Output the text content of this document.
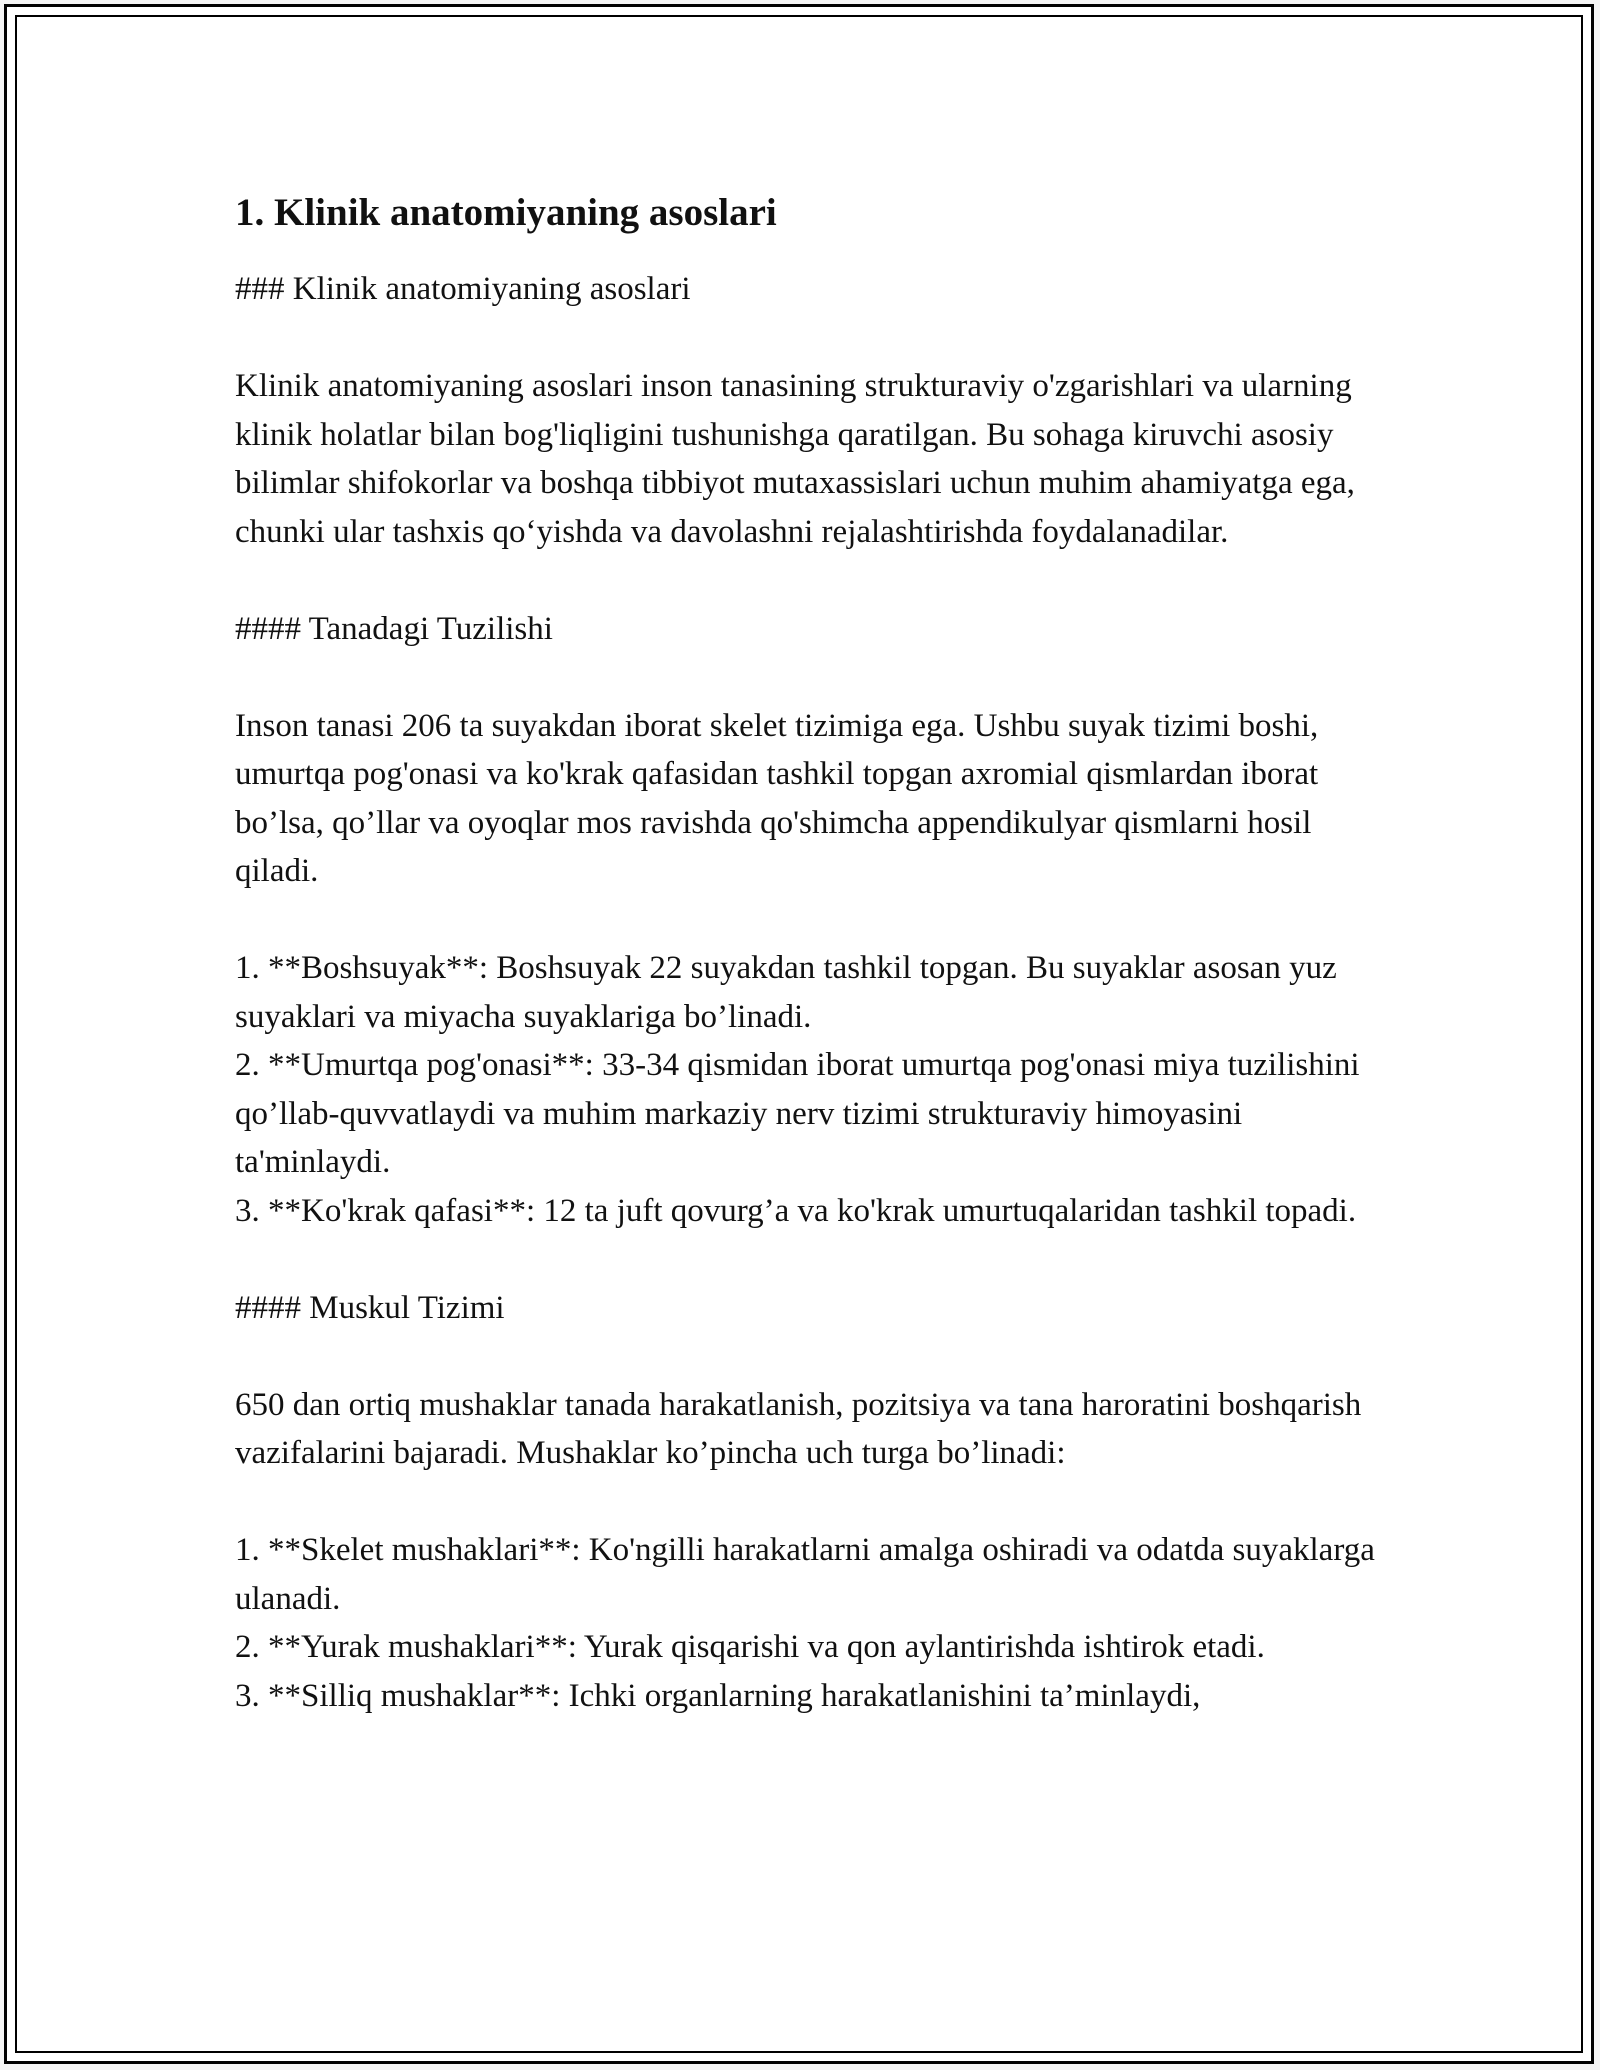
1. Klinik anatomiyaning asoslari

### Klinik anatomiyaning asoslari

Klinik anatomiyaning asoslari inson tanasining strukturaviy o'zgarishlari va ularning klinik holatlar bilan bog'liqligini tushunishga qaratilgan. Bu sohaga kiruvchi asosiy bilimlar shifokorlar va boshqa tibbiyot mutaxassislari uchun muhim ahamiyatga ega, chunki ular tashxis qo‘yishda va davolashni rejalashtirishda foydalanadilar.

#### Tanadagi Tuzilishi

Inson tanasi 206 ta suyakdan iborat skelet tizimiga ega. Ushbu suyak tizimi boshi, umurtqa pog'onasi va ko'krak qafasidan tashkil topgan axromial qismlardan iborat bo’lsa, qo’llar va oyoqlar mos ravishda qo'shimcha appendikulyar qismlarni hosil qiladi.

1. **Boshsuyak**: Boshsuyak 22 suyakdan tashkil topgan. Bu suyaklar asosan yuz suyaklari va miyacha suyaklariga bo’linadi.

2. **Umurtqa pog'onasi**: 33-34 qismidan iborat umurtqa pog'onasi miya tuzilishini qo’llab-quvvatlaydi va muhim markaziy nerv tizimi strukturaviy himoyasini ta'minlaydi.

3. **Ko'krak qafasi**: 12 ta juft qovurg’a va ko'krak umurtuqalaridan tashkil topadi.

#### Muskul Tizimi

650 dan ortiq mushaklar tanada harakatlanish, pozitsiya va tana haroratini boshqarish vazifalarini bajaradi. Mushaklar ko’pincha uch turga bo’linadi:

1. **Skelet mushaklari**: Ko'ngilli harakatlarni amalga oshiradi va odatda suyaklarga ulanadi.

2. **Yurak mushaklari**: Yurak qisqarishi va qon aylantirishda ishtirok etadi.

3. **Silliq mushaklar**: Ichki organlarning harakatlanishini ta’minlaydi,
